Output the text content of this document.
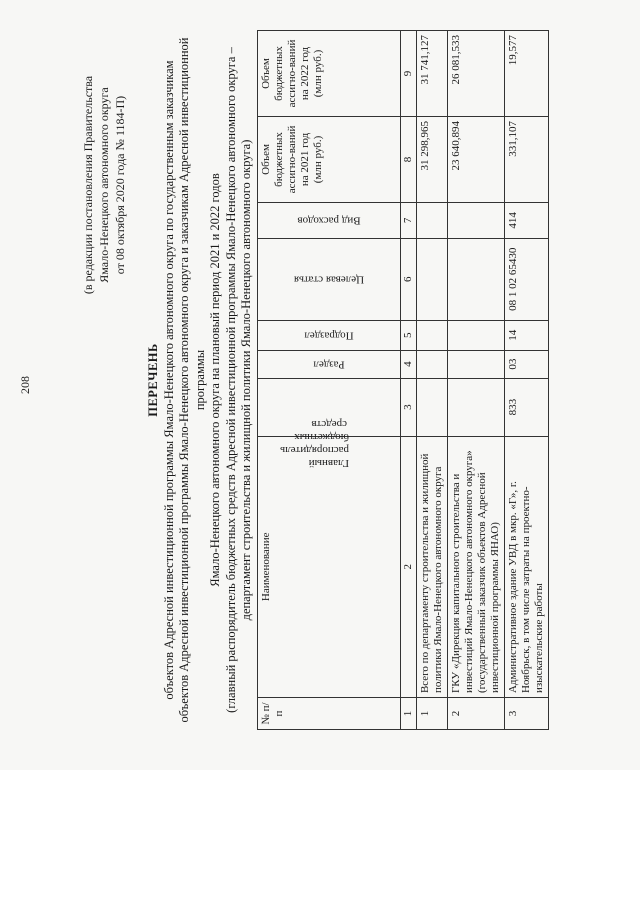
208
(в редакции постановления Правительства Ямало-Ненецкого автономного округа от 08 октября 2020 года № 1184-П)
ПЕРЕЧЕНЬ объектов Адресной инвестиционной программы Ямало-Ненецкого автономного округа по государственным заказчикам объектов Адресной инвестиционной программы Ямало-Ненецкого автономного округа и заказчикам Адресной инвестиционной программы Ямало-Ненецкого автономного округа на плановый период 2021 и 2022 годов (главный распорядитель бюджетных средств Адресной инвестиционной программы Ямало-Ненецкого автономного округа – департамент строительства и жилищной политики Ямало-Ненецкого автономного округа)
№ п/п	Наименование	Главный распорядитель бюджетных средств	Раздел	Подраздел	Целевая статья	Вид расходов	Объем бюджетных ассигно-ваний на 2021 год (млн руб.)	Объем бюджетных ассигно-ваний на 2022 год (млн руб.)
1	2	3	4	5	6	7	8	9
1	Всего по департаменту строительства и жилищной политики Ямало-Ненецкого автономного округа						31 298,965	31 741,127
2	ГКУ «Дирекция капитального строительства и инвестиций Ямало-Ненецкого автономного округа» (государственный заказчик объектов Адресной инвестиционной программы ЯНАО)						23 640,894	26 081,533
3	Административное здание УВД в мкр. «Г», г. Ноябрьск, в том числе затраты на проектно-изыскательские работы	833	03	14	08 1 02 65430	414	331,107	19,577
